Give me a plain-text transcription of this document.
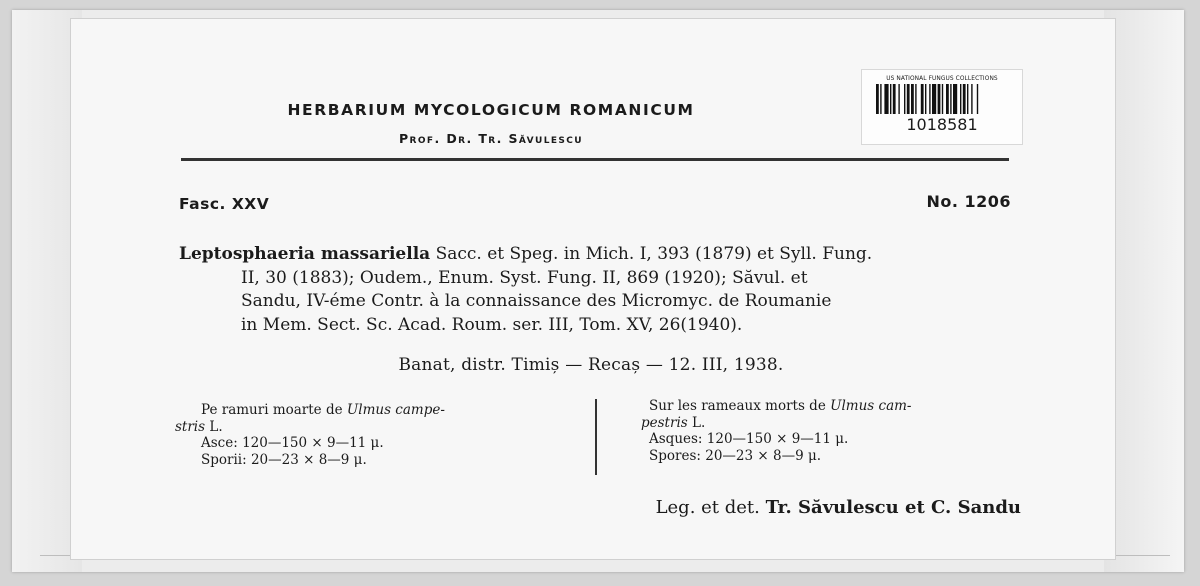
HERBARIUM MYCOLOGICUM ROMANICUM
Prof. Dr. Tr. Săvulescu
US NATIONAL FUNGUS COLLECTIONS
1018581
Fasc. XXV	No. 1206
Leptosphaeria massariella Sacc. et Speg. in Mich. I, 393 (1879) et Syll. Fung.
II, 30 (1883); Oudem., Enum. Syst. Fung. II, 869 (1920); Săvul. et
Sandu, IV-éme Contr. à la connaissance des Micromyc. de Roumanie
in Mem. Sect. Sc. Acad. Roum. ser. III, Tom. XV, 26(1940).
Banat, distr. Timiș — Recaș — 12. III, 1938.
Pe ramuri moarte de Ulmus campe-
stris L.
Asce: 120—150 × 9—11 μ.
Sporii: 20—23 × 8—9 μ.
Sur les rameaux morts de Ulmus cam-
pestris L.
Asques: 120—150 × 9—11 μ.
Spores: 20—23 × 8—9 μ.
Leg. et det. Tr. Săvulescu et C. Sandu
